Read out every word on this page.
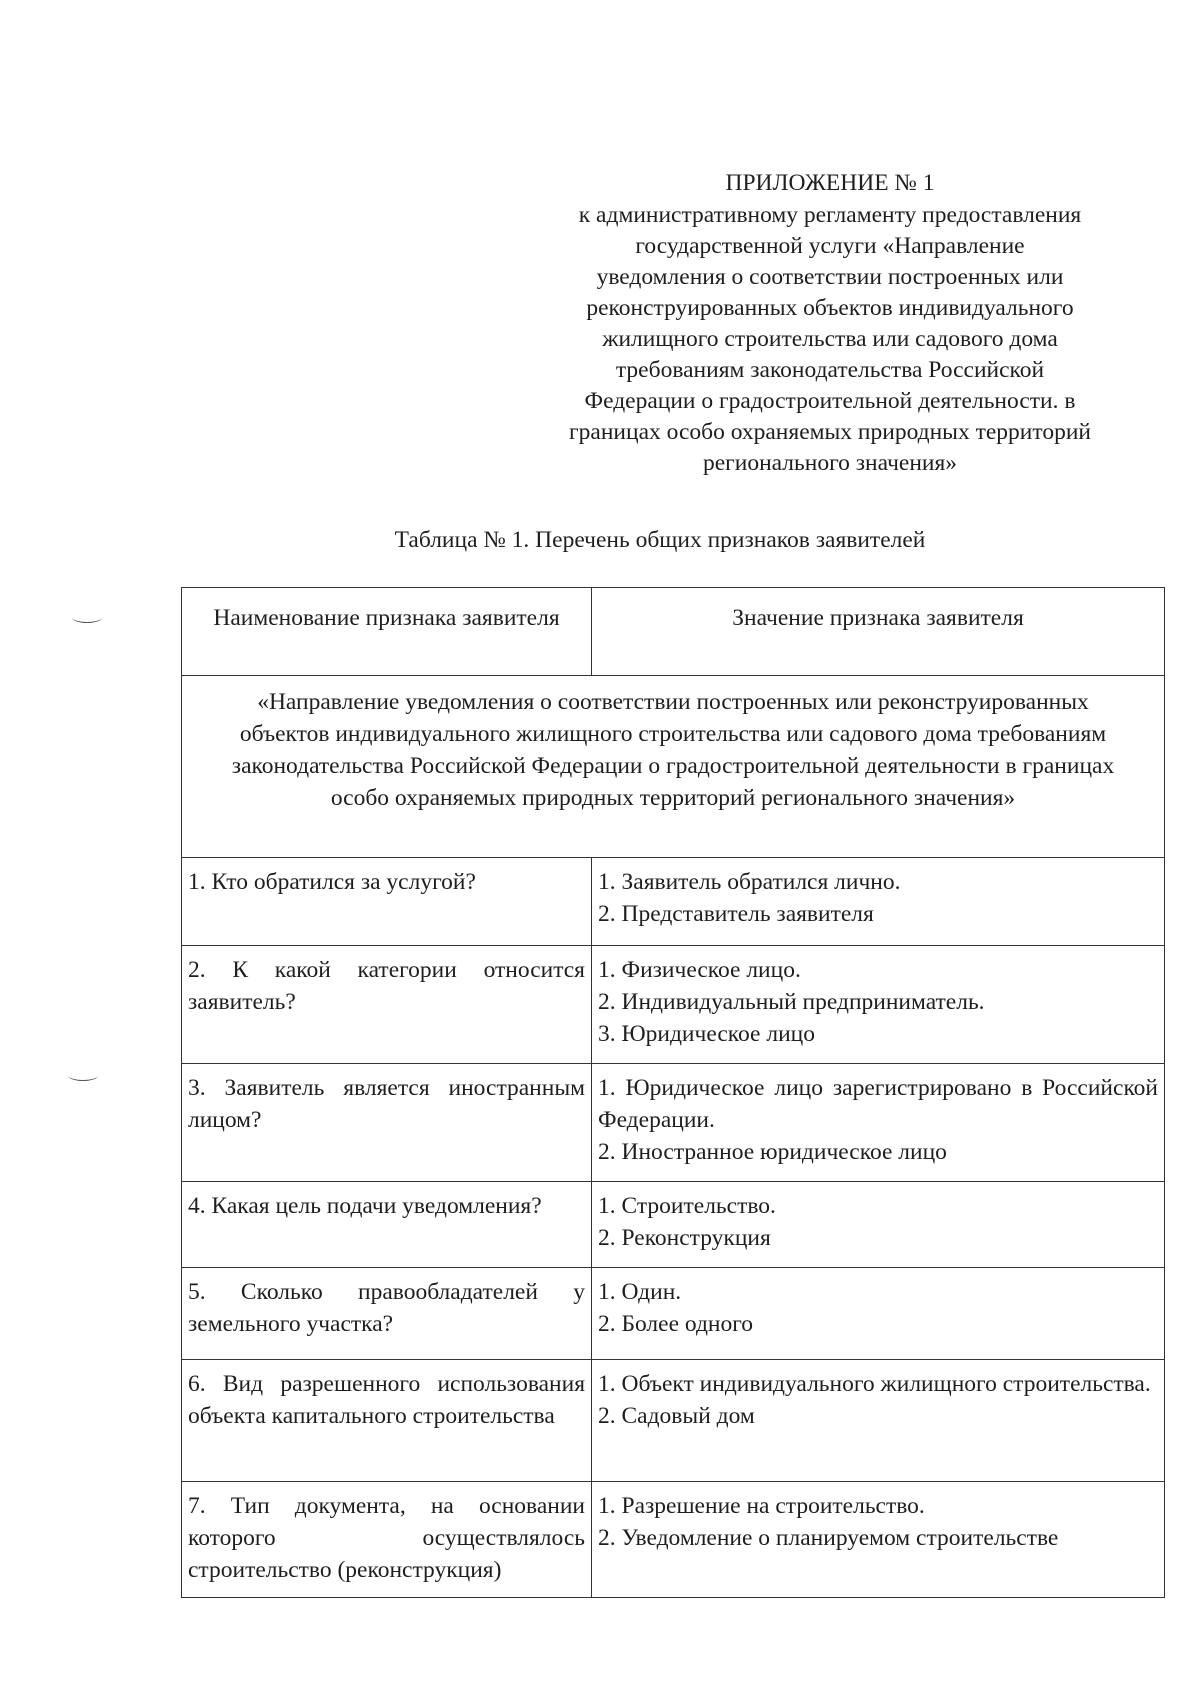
ПРИЛОЖЕНИЕ № 1
к административному регламенту предоставления
государственной услуги «Направление
уведомления о соответствии построенных или
реконструированных объектов индивидуального
жилищного строительства или садового дома
требованиям законодательства Российской
Федерации о градостроительной деятельности. в
границах особо охраняемых природных территорий
регионального значения»
Таблица № 1. Перечень общих признаков заявителей
Наименование признака заявителя	Значение признака заявителя
«Направление уведомления о соответствии построенных или реконструированных объектов индивидуального жилищного строительства или садового дома требованиям законодательства Российской Федерации о градостроительной деятельности в границах особо охраняемых природных территорий регионального значения»	
1. Кто обратился за услугой?	1. Заявитель обратился лично.
2. Представитель заявителя

2. К какой категории относится заявитель?	1. Физическое лицо.
2. Индивидуальный предприниматель.
3. Юридическое лицо

3. Заявитель является иностранным лицом?	1. Юридическое лицо зарегистрировано в Российской Федерации.
2. Иностранное юридическое лицо

4. Какая цель подачи уведомления?	1. Строительство.
2. Реконструкция

5. Сколько правообладателей у земельного участка?	1. Один.
2. Более одного

6. Вид разрешенного использования объекта капитального строительства	1. Объект индивидуального жилищного строительства.
2. Садовый дом

7. Тип документа, на основании которого осуществлялось строительство (реконструкция)	1. Разрешение на строительство.
2. Уведомление о планируемом строительстве
